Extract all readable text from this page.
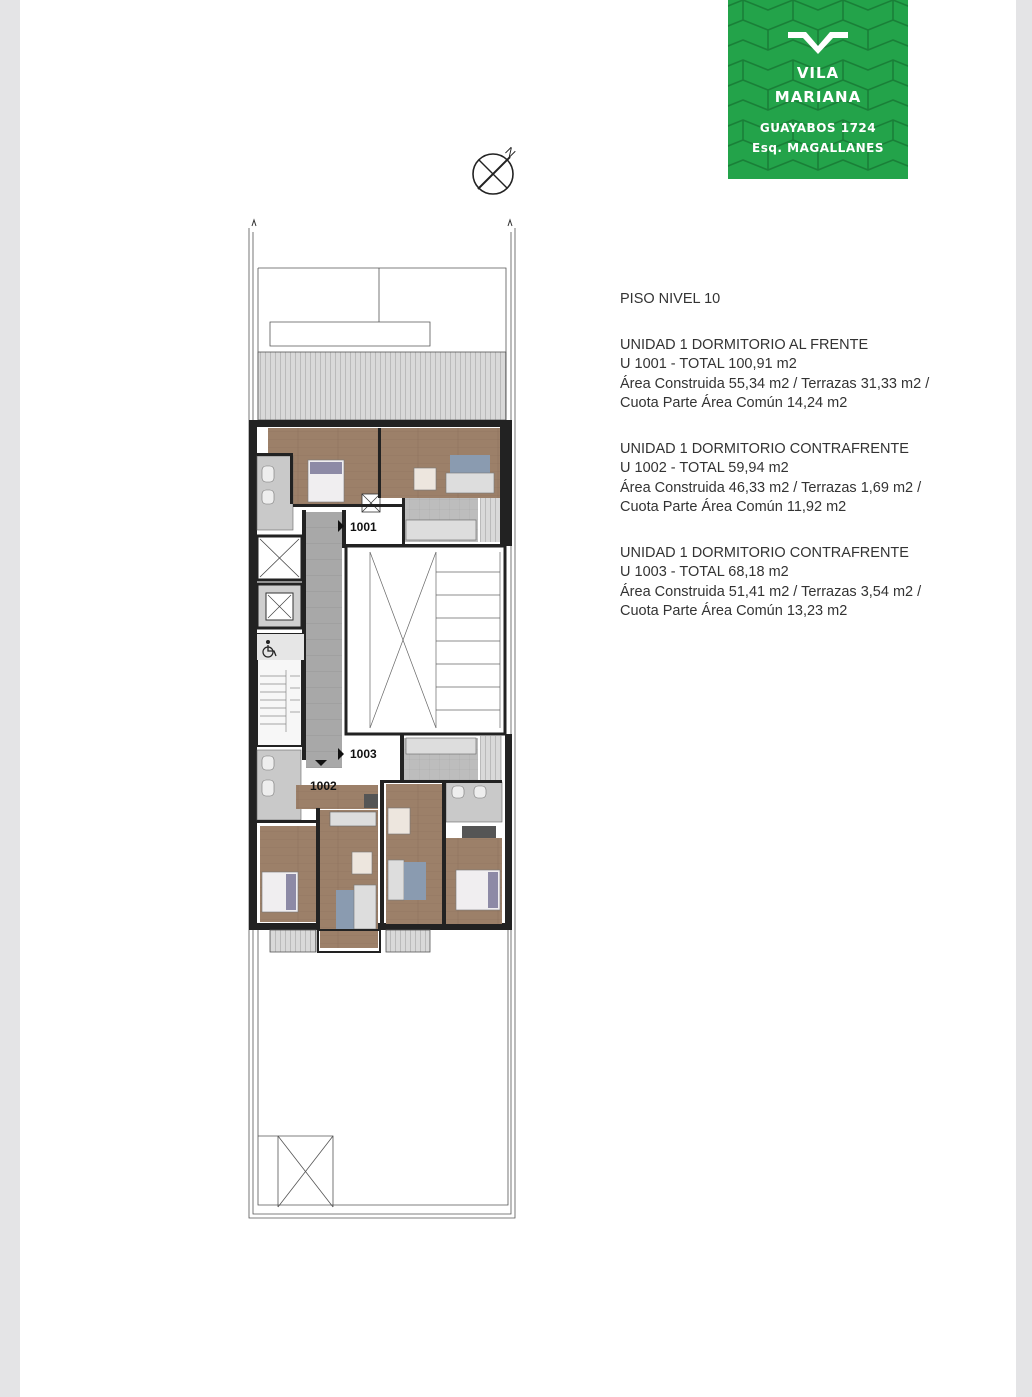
VILA
MARIANA
GUAYABOS 1724
Esq. MAGALLANES
N
PISO NIVEL 10
UNIDAD 1 DORMITORIO AL FRENTE
U 1001 - TOTAL 100,91 m2
Área Construida 55,34 m2 / Terrazas 31,33 m2 /
Cuota Parte Área Común 14,24 m2
UNIDAD 1 DORMITORIO CONTRAFRENTE
U 1002 - TOTAL 59,94 m2
Área Construida 46,33 m2 / Terrazas 1,69 m2 /
Cuota Parte Área Común 11,92 m2
UNIDAD 1 DORMITORIO CONTRAFRENTE
U 1003 - TOTAL 68,18 m2
Área Construida 51,41 m2 / Terrazas 3,54 m2 /
Cuota Parte Área Común 13,23 m2
1001
1002
1003
